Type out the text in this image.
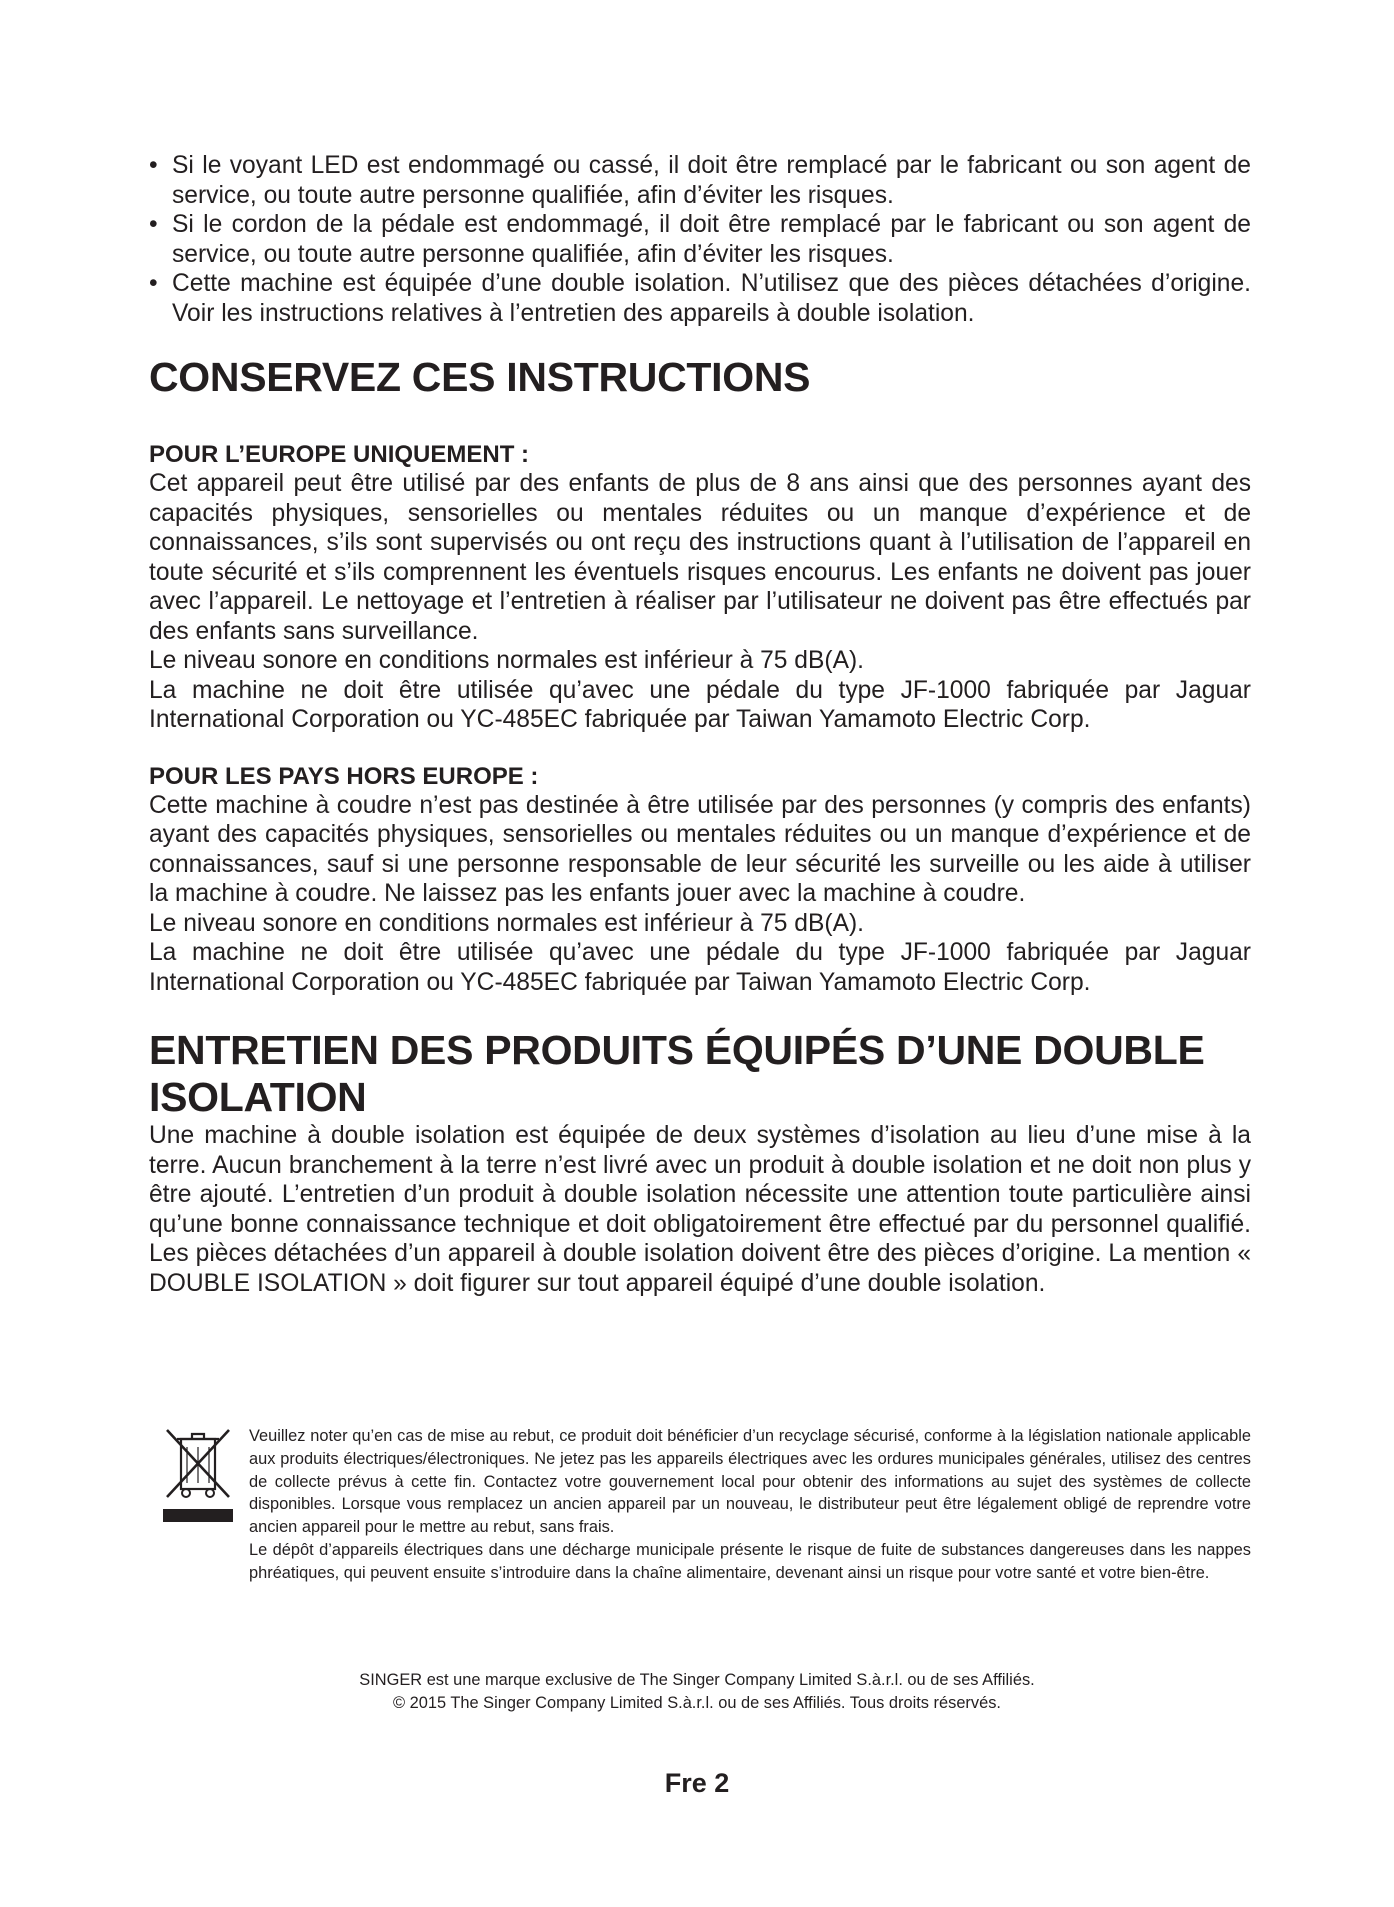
• Si le voyant LED est endommagé ou cassé, il doit être remplacé par le fabricant ou son agent de service, ou toute autre personne qualifiée, afin d’éviter les risques.
• Si le cordon de la pédale est endommagé, il doit être remplacé par le fabricant ou son agent de service, ou toute autre personne qualifiée, afin d’éviter les risques.
• Cette machine est équipée d’une double isolation. N’utilisez que des pièces détachées d’origine. Voir les instructions relatives à l’entretien des appareils à double isolation.
CONSERVEZ CES INSTRUCTIONS
POUR L’EUROPE UNIQUEMENT :

Cet appareil peut être utilisé par des enfants de plus de 8 ans ainsi que des personnes ayant des capacités physiques, sensorielles ou mentales réduites ou un manque d’expérience et de connaissances, s’ils sont supervisés ou ont reçu des instructions quant à l’utilisation de l’appareil en toute sécurité et s’ils comprennent les éventuels risques encourus. Les enfants ne doivent pas jouer avec l’appareil. Le nettoyage et l’entretien à réaliser par l’utilisateur ne doivent pas être effectués par des enfants sans surveillance.

Le niveau sonore en conditions normales est inférieur à 75 dB(A).

La machine ne doit être utilisée qu’avec une pédale du type JF-1000 fabriquée par Jaguar International Corporation ou YC-485EC fabriquée par Taiwan Yamamoto Electric Corp.

POUR LES PAYS HORS EUROPE :

Cette machine à coudre n’est pas destinée à être utilisée par des personnes (y compris des enfants) ayant des capacités physiques, sensorielles ou mentales réduites ou un manque d’expérience et de connaissances, sauf si une personne responsable de leur sécurité les surveille ou les aide à utiliser la machine à coudre. Ne laissez pas les enfants jouer avec la machine à coudre.

Le niveau sonore en conditions normales est inférieur à 75 dB(A).

La machine ne doit être utilisée qu’avec une pédale du type JF-1000 fabriquée par Jaguar International Corporation ou YC-485EC fabriquée par Taiwan Yamamoto Electric Corp.

ENTRETIEN DES PRODUITS ÉQUIPÉS D’UNE DOUBLE ISOLATION

Une machine à double isolation est équipée de deux systèmes d’isolation au lieu d’une mise à la terre. Aucun branchement à la terre n’est livré avec un produit à double isolation et ne doit non plus y être ajouté. L’entretien d’un produit à double isolation nécessite une attention toute particulière ainsi qu’une bonne connaissance technique et doit obligatoirement être effectué par du personnel qualifié. Les pièces détachées d’un appareil à double isolation doivent être des pièces d’origine. La mention « DOUBLE ISOLATION » doit figurer sur tout appareil équipé d’une double isolation.

Veuillez noter qu’en cas de mise au rebut, ce produit doit bénéficier d’un recyclage sécurisé, conforme à la législation nationale applicable aux produits électriques/électroniques. Ne jetez pas les appareils électriques avec les ordures municipales générales, utilisez des centres de collecte prévus à cette fin. Contactez votre gouvernement local pour obtenir des informations au sujet des systèmes de collecte disponibles. Lorsque vous remplacez un ancien appareil par un nouveau, le distributeur peut être légalement obligé de reprendre votre ancien appareil pour le mettre au rebut, sans frais.

Le dépôt d’appareils électriques dans une décharge municipale présente le risque de fuite de substances dangereuses dans les nappes phréatiques, qui peuvent ensuite s’introduire dans la chaîne alimentaire, devenant ainsi un risque pour votre santé et votre bien-être.

SINGER est une marque exclusive de The Singer Company Limited S.à.r.l. ou de ses Affiliés.
© 2015 The Singer Company Limited S.à.r.l. ou de ses Affiliés. Tous droits réservés.
Fre 2
